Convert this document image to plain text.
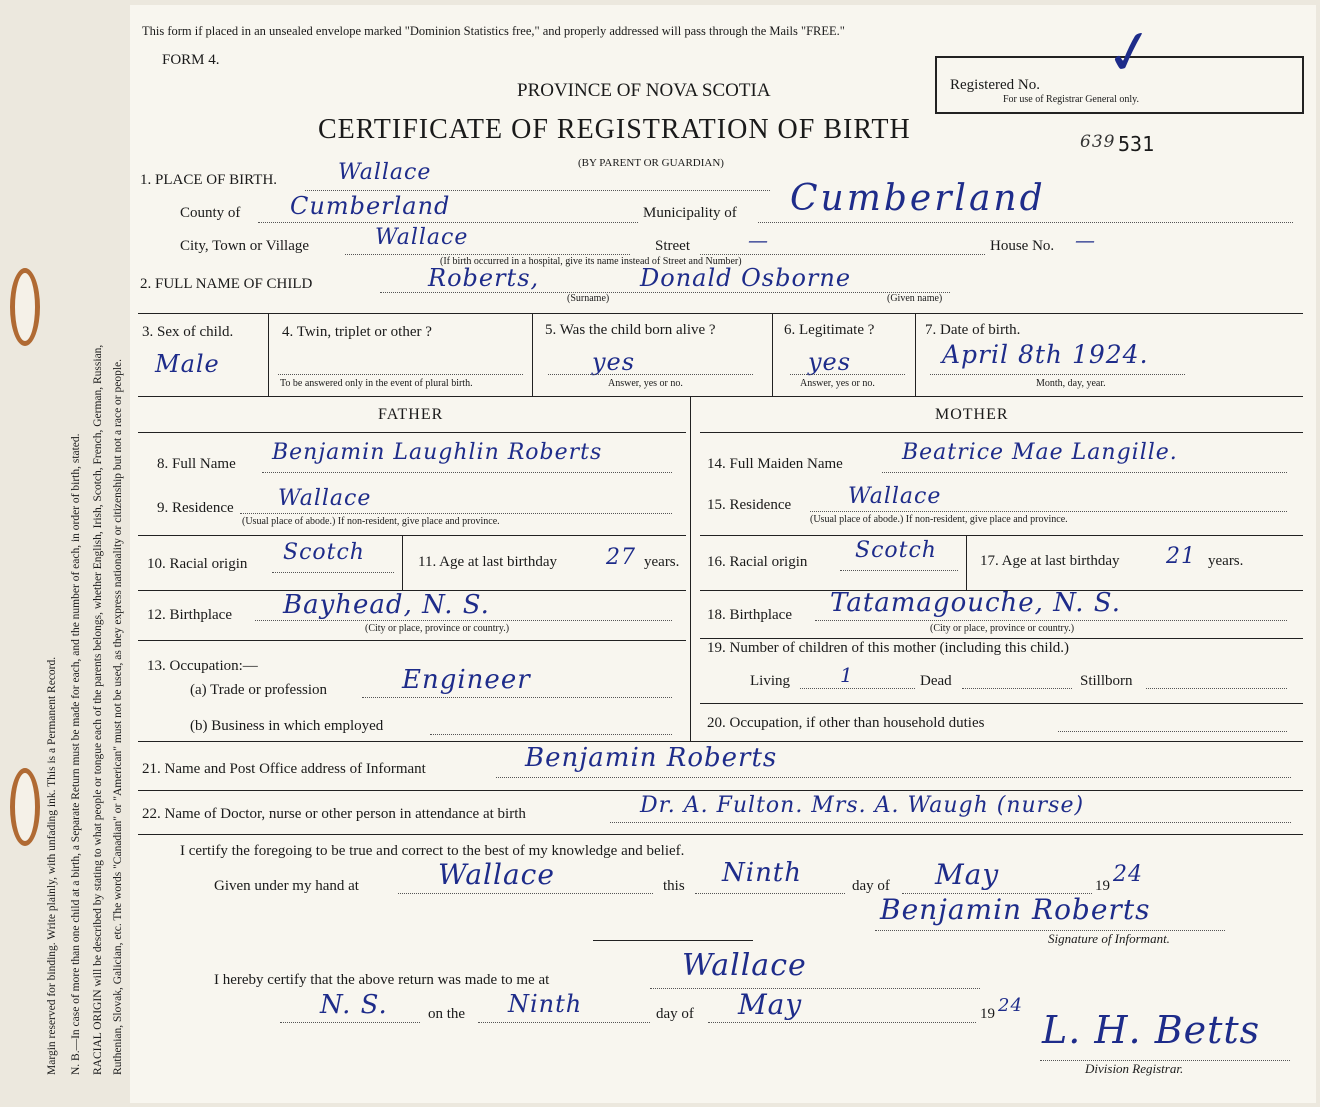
Margin reserved for binding. Write plainly, with unfading ink. This is a Permanent Record. N. B.—In case of more than one child at a birth, a Separate Return must be made for each, and the number of each, in order of birth, stated. RACIAL ORIGIN will be described by stating to what people or tongue each of the parents belongs, whether English, Irish, Scotch, French, German, Russian, Ruthenian, Slovak, Galician, etc. The words "Canadian" or "American" must not be used, as they express nationality or citizenship but not a race or people.
This form if placed in an unsealed envelope marked "Dominion Statistics free," and properly addressed will pass through the Mails "FREE."
FORM 4.
PROVINCE OF NOVA SCOTIA
CERTIFICATE OF REGISTRATION OF BIRTH
(BY PARENT OR GUARDIAN)
Registered No.
For use of Registrar General only.
✓
639 531
1. PLACE OF BIRTH.	Wallace
County of Cumberland	Municipality of Cumberland
City, Town or Village	Wallace	Street	—	House No. —
(If birth occurred in a hospital, give its name instead of Street and Number)
2. FULL NAME OF CHILD	Roberts,	Donald Osborne
(Surname)	(Given name)
3. Sex of child.
Male
4. Twin, triplet or other ?
To be answered only in the event of plural birth.
5. Was the child born alive ?
yes
Answer, yes or no.
6. Legitimate ?
yes
Answer, yes or no.
7. Date of birth.
April 8th 1924.
Month, day, year.
FATHER	MOTHER
8. Full Name Benjamin Laughlin Roberts
9. Residence Wallace
(Usual place of abode.) If non-resident, give place and province.
10. Racial origin Scotch	11. Age at last birthday 27 years.
12. Birthplace Bayhead, N. S.
(City or place, province or country.)
13. Occupation:—
(a) Trade or profession	Engineer
(b) Business in which employed
14. Full Maiden Name	Beatrice Mae Langille.
15. Residence	Wallace
(Usual place of abode.) If non-resident, give place and province.
16. Racial origin Scotch	17. Age at last birthday 21 years.
18. Birthplace Tatamagouche, N. S.
(City or place, province or country.)
19. Number of children of this mother (including this child.)
Living	1	Dead	Stillborn
20. Occupation, if other than household duties
21. Name and Post Office address of Informant	Benjamin Roberts
22. Name of Doctor, nurse or other person in attendance at birth	Dr. A. Fulton. Mrs. A. Waugh (nurse)
I certify the foregoing to be true and correct to the best of my knowledge and belief.
Given under my hand at	Wallace	this Ninth	day of May	19 24
Benjamin Roberts
Signature of Informant.
I hereby certify that the above return was made to me at	Wallace
N. S.	on the Ninth	day of May	19 24
L. H. Betts
Division Registrar.
